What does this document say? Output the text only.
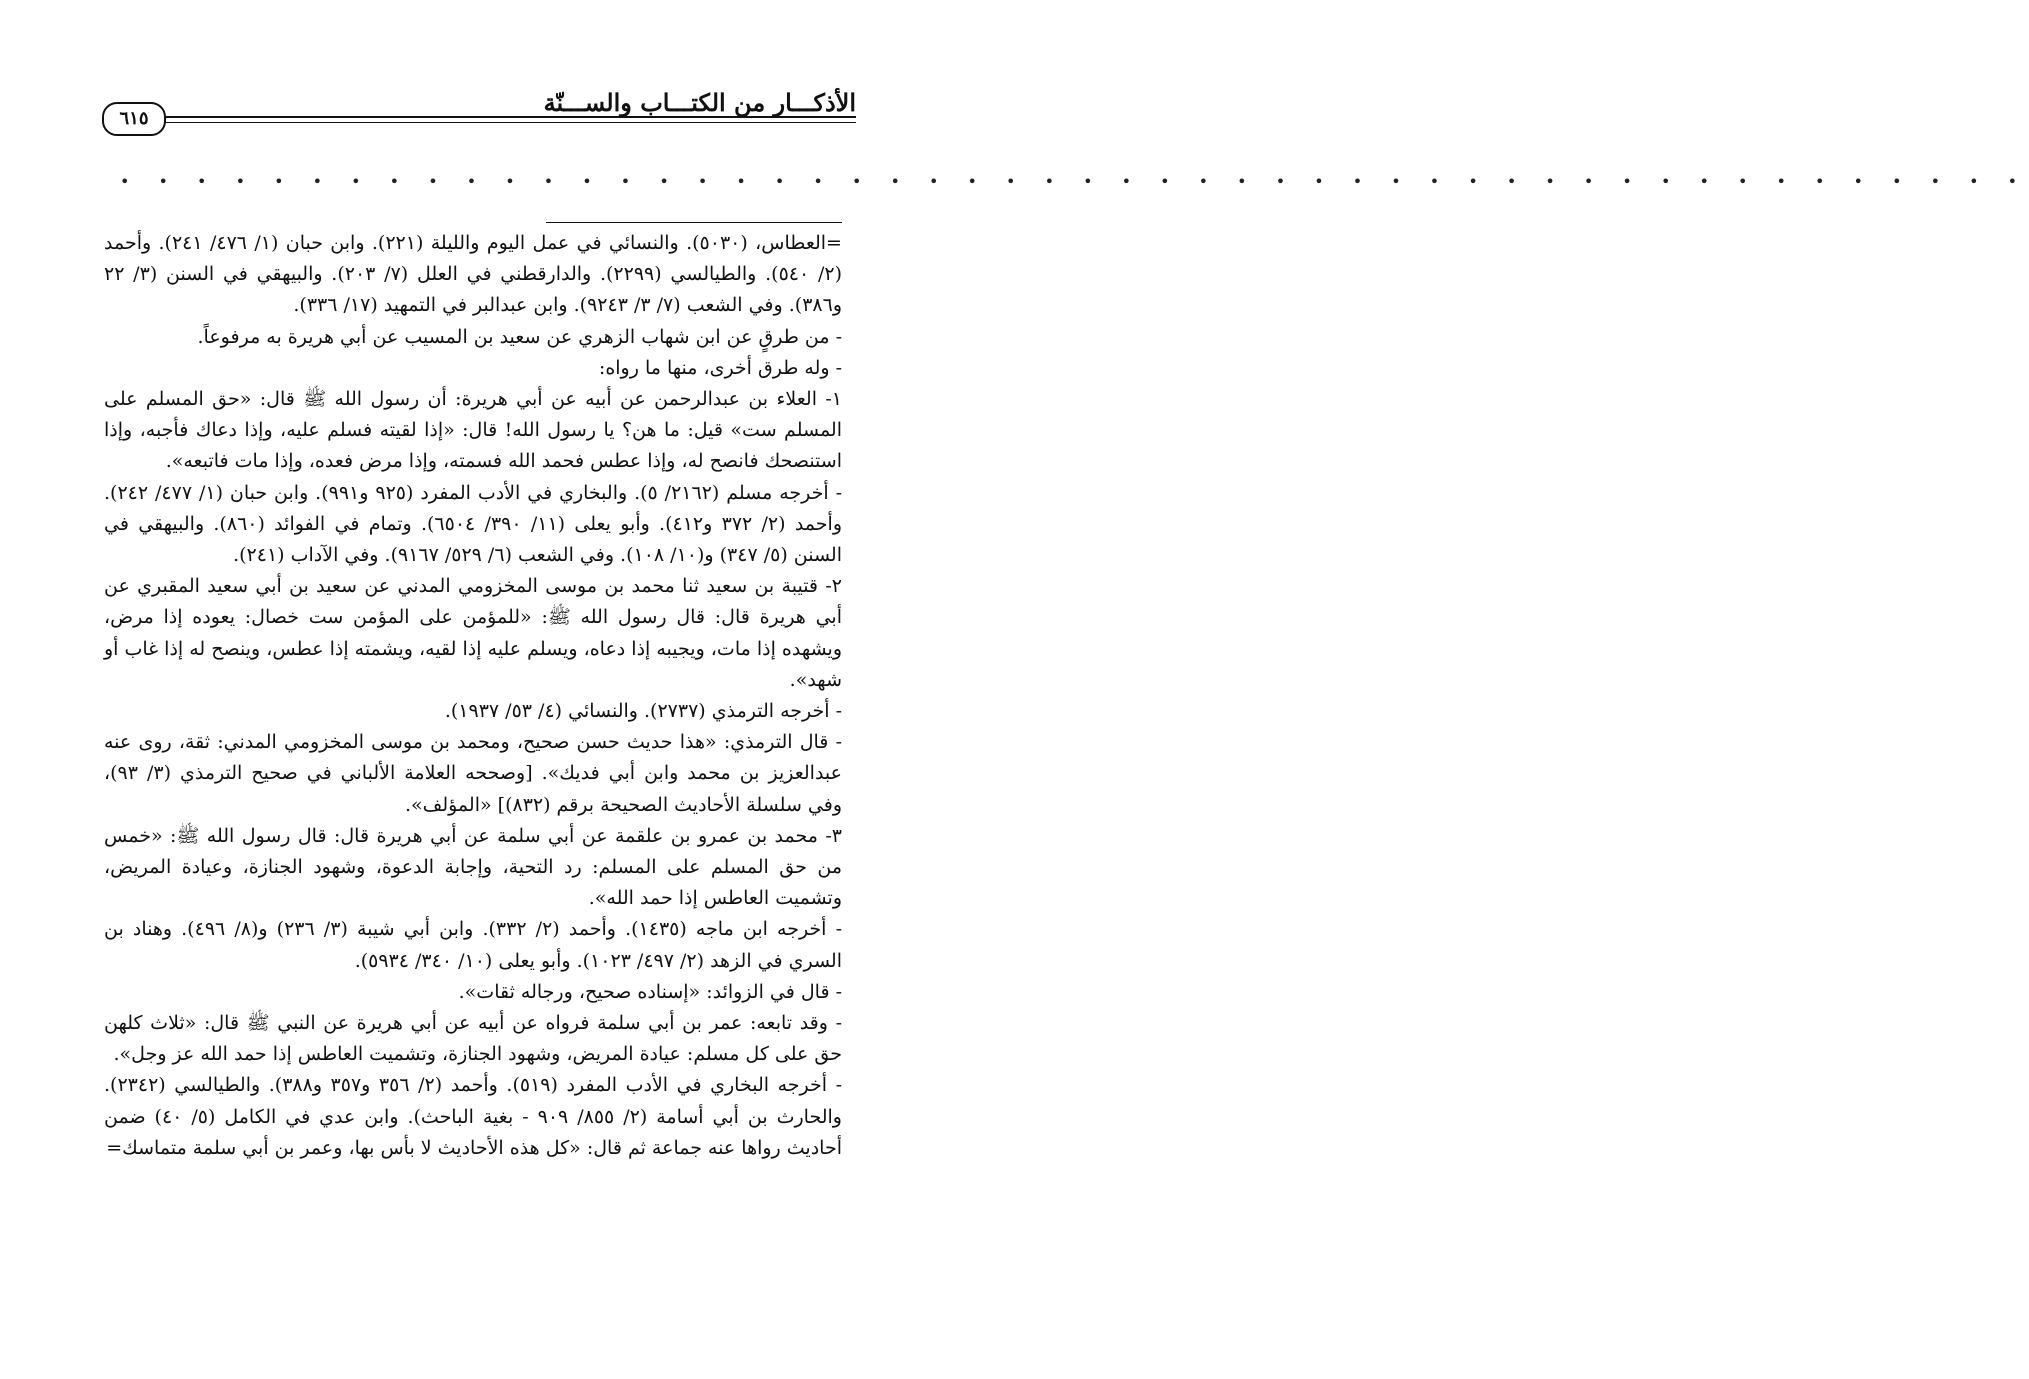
الأذكـــار من الكتـــاب والســـنّة
٦١٥
• • • • • • • • • • • • • • • • • • • • • • • • • • • • • • • • • • • • • • • • • • • • • • • • • •

=العطاس، (٥٠٣٠). والنسائي في عمل اليوم والليلة (٢٢١). وابن حبان (١/ ٤٧٦/ ٢٤١). وأحمد (٢/ ٥٤٠). والطيالسي (٢٢٩٩). والدارقطني في العلل (٧/ ٢٠٣). والبيهقي في السنن (٣/ ٢٢ و٣٨٦). وفي الشعب (٧/ ٣/ ٩٢٤٣). وابن عبدالبر في التمهيد (١٧/ ٣٣٦).

- من طرقٍ عن ابن شهاب الزهري عن سعيد بن المسيب عن أبي هريرة به مرفوعاً.

- وله طرق أخرى، منها ما رواه:

١- العلاء بن عبدالرحمن عن أبيه عن أبي هريرة: أن رسول الله ﷺ قال: «حق المسلم على المسلم ست» قيل: ما هن؟ يا رسول الله! قال: «إذا لقيته فسلم عليه، وإذا دعاك فأجبه، وإذا استنصحك فانصح له، وإذا عطس فحمد الله فسمته، وإذا مرض فعده، وإذا مات فاتبعه».

- أخرجه مسلم (٢١٦٢/ ٥). والبخاري في الأدب المفرد (٩٢٥ و٩٩١). وابن حبان (١/ ٤٧٧/ ٢٤٢). وأحمد (٢/ ٣٧٢ و٤١٢). وأبو يعلى (١١/ ٣٩٠/ ٦٥٠٤). وتمام في الفوائد (٨٦٠). والبيهقي في السنن (٥/ ٣٤٧) و(١٠/ ١٠٨). وفي الشعب (٦/ ٥٢٩/ ٩١٦٧). وفي الآداب (٢٤١).

٢- قتيبة بن سعيد ثنا محمد بن موسى المخزومي المدني عن سعيد بن أبي سعيد المقبري عن أبي هريرة قال: قال رسول الله ﷺ: «للمؤمن على المؤمن ست خصال: يعوده إذا مرض، ويشهده إذا مات، ويجيبه إذا دعاه، ويسلم عليه إذا لقيه، ويشمته إذا عطس، وينصح له إذا غاب أو شهد».

- أخرجه الترمذي (٢٧٣٧). والنسائي (٤/ ٥٣/ ١٩٣٧).

- قال الترمذي: «هذا حديث حسن صحيح، ومحمد بن موسى المخزومي المدني: ثقة، روى عنه عبدالعزيز بن محمد وابن أبي فديك». [وصححه العلامة الألباني في صحيح الترمذي (٣/ ٩٣)، وفي سلسلة الأحاديث الصحيحة برقم (٨٣٢)] «المؤلف».

٣- محمد بن عمرو بن علقمة عن أبي سلمة عن أبي هريرة قال: قال رسول الله ﷺ: «خمس من حق المسلم على المسلم: رد التحية، وإجابة الدعوة، وشهود الجنازة، وعيادة المريض، وتشميت العاطس إذا حمد الله».

- أخرجه ابن ماجه (١٤٣٥). وأحمد (٢/ ٣٣٢). وابن أبي شيبة (٣/ ٢٣٦) و(٨/ ٤٩٦). وهناد بن السري في الزهد (٢/ ٤٩٧/ ١٠٢٣). وأبو يعلى (١٠/ ٣٤٠/ ٥٩٣٤).

- قال في الزوائد: «إسناده صحيح، ورجاله ثقات».

- وقد تابعه: عمر بن أبي سلمة فرواه عن أبيه عن أبي هريرة عن النبي ﷺ قال: «ثلاث كلهن حق على كل مسلم: عيادة المريض، وشهود الجنازة، وتشميت العاطس إذا حمد الله عز وجل».

- أخرجه البخاري في الأدب المفرد (٥١٩). وأحمد (٢/ ٣٥٦ و٣٥٧ و٣٨٨). والطيالسي (٢٣٤٢). والحارث بن أبي أسامة (٢/ ٨٥٥/ ٩٠٩ - بغية الباحث). وابن عدي في الكامل (٥/ ٤٠) ضمن أحاديث رواها عنه جماعة ثم قال: «كل هذه الأحاديث لا بأس بها، وعمر بن أبي سلمة متماسك=
